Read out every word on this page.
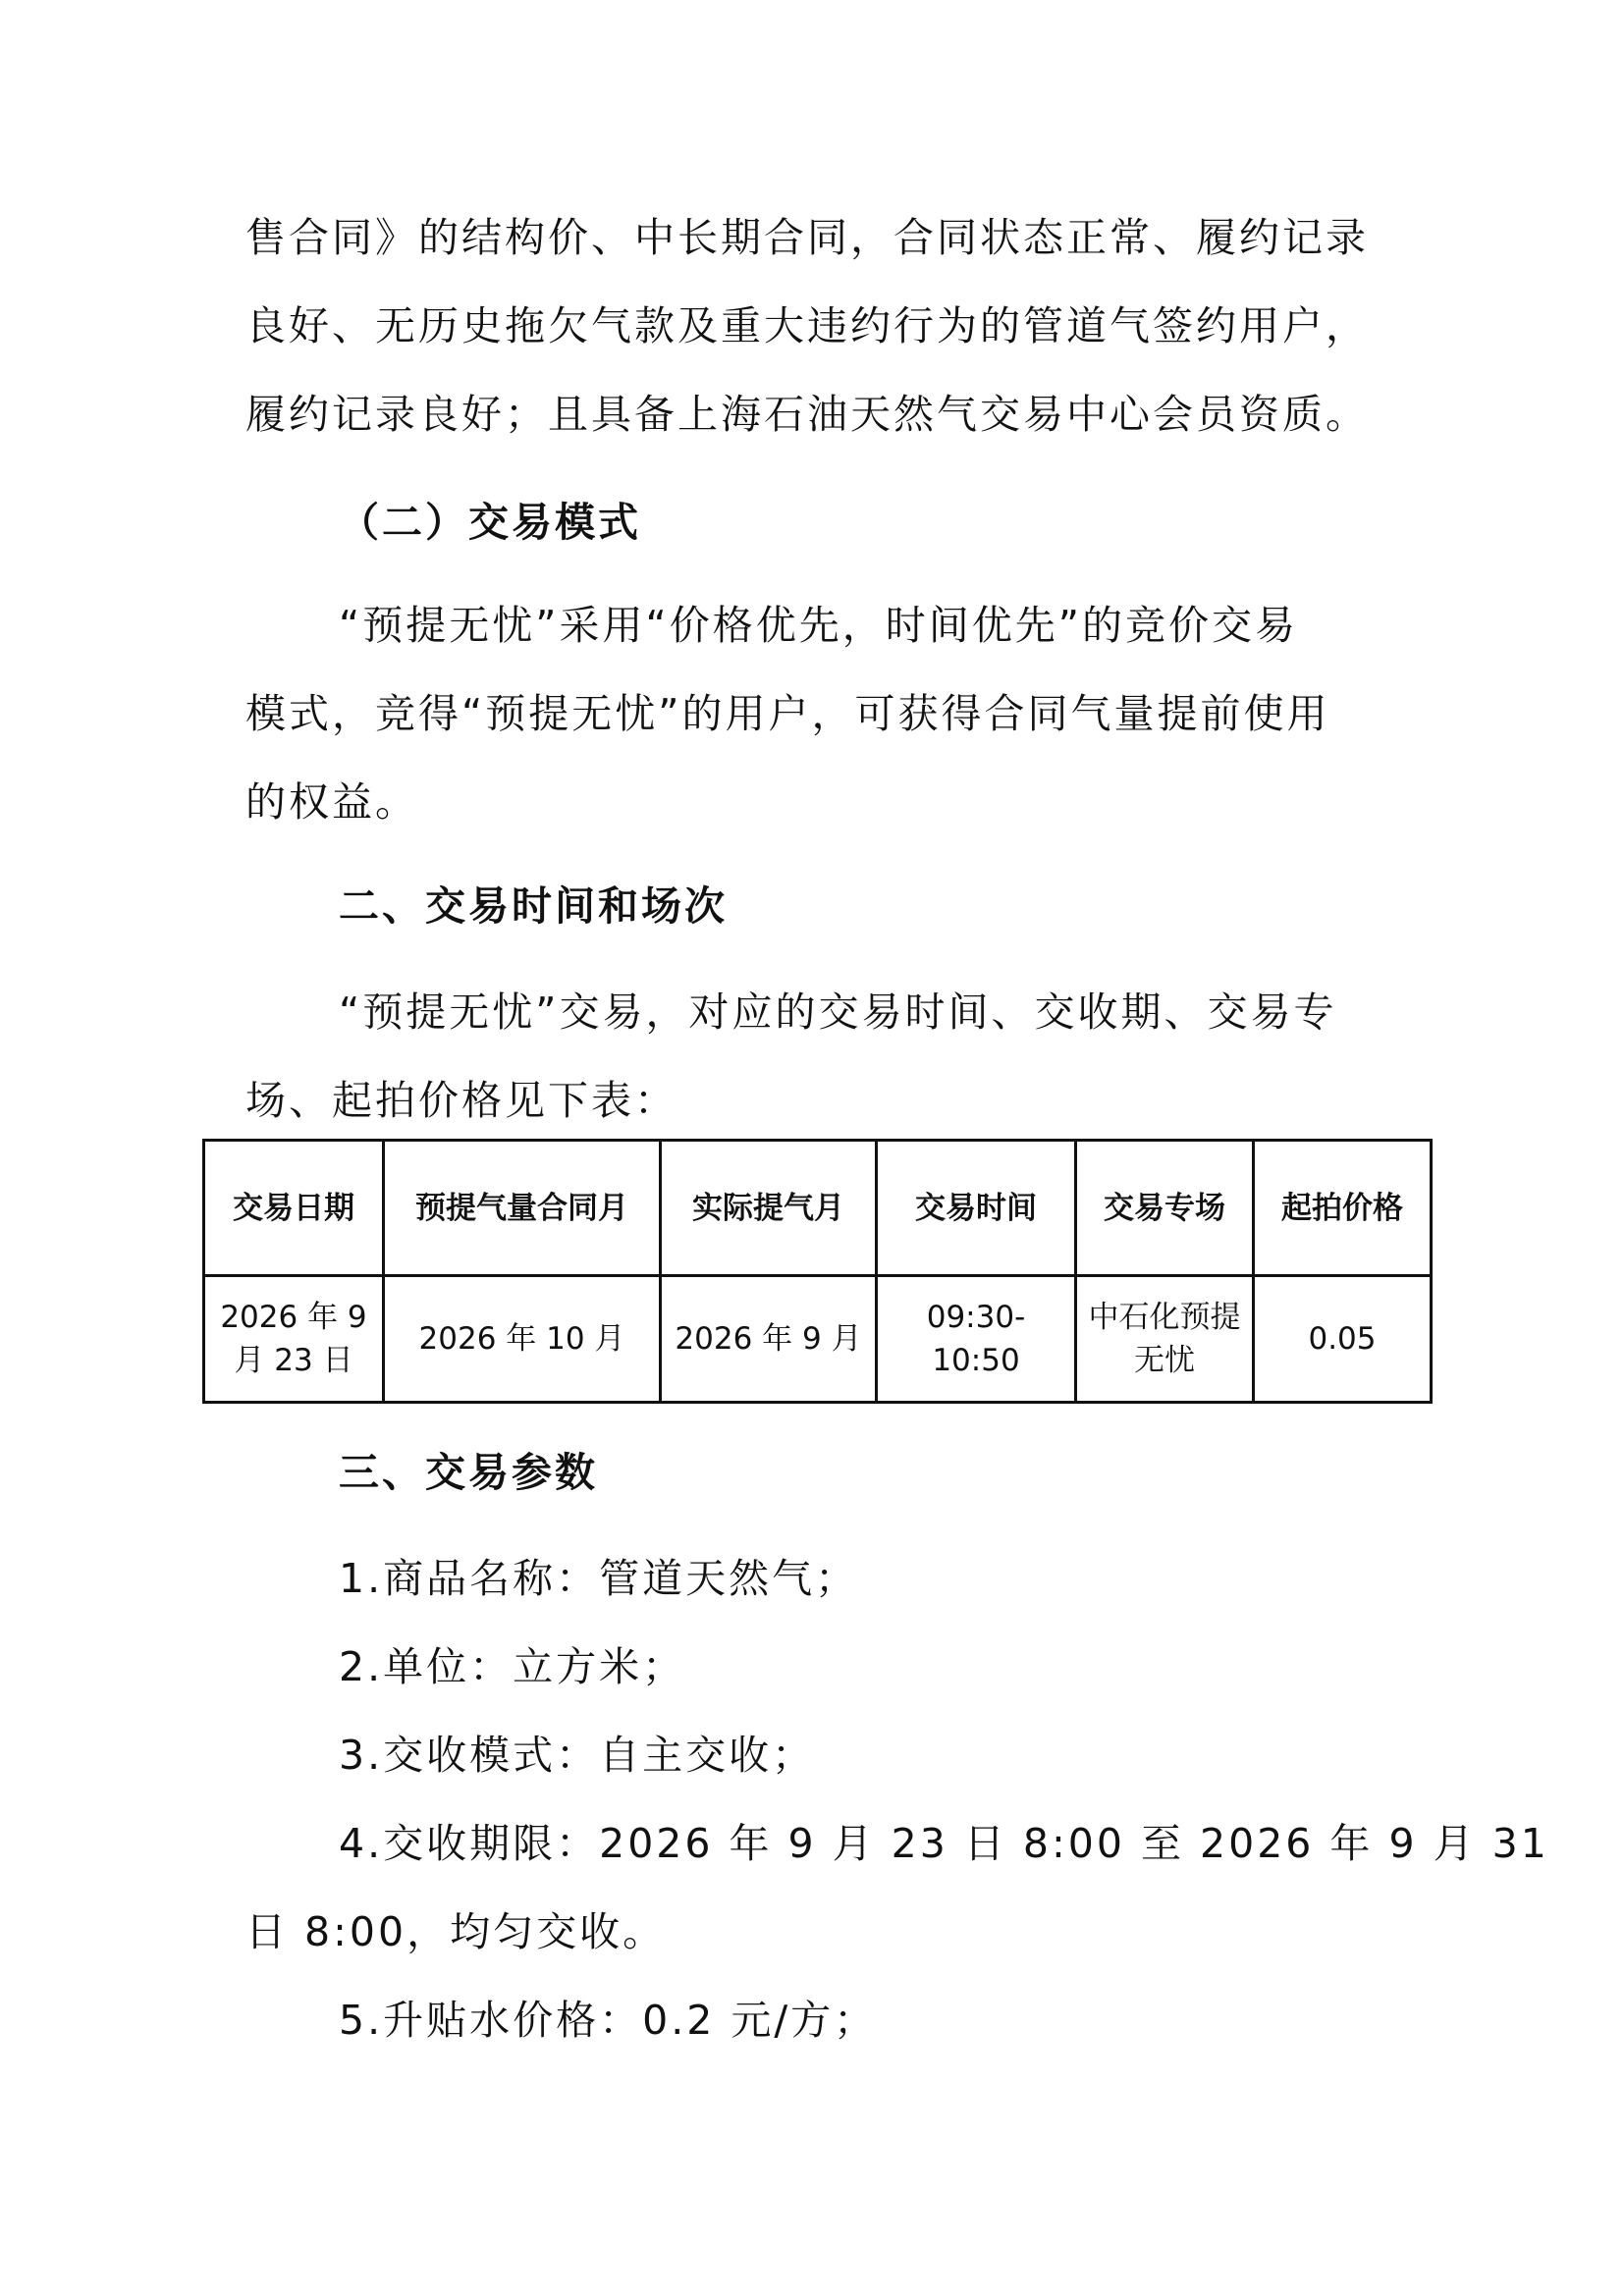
售合同》的结构价、中长期合同，合同状态正常、履约记录
良好、无历史拖欠气款及重大违约行为的管道气签约用户，
履约记录良好；且具备上海石油天然气交易中心会员资质。
（二）交易模式
“预提无忧”采用“价格优先，时间优先”的竞价交易
模式，竞得“预提无忧”的用户，可获得合同气量提前使用
的权益。
二、交易时间和场次
“预提无忧”交易，对应的交易时间、交收期、交易专
场、起拍价格见下表：
交易日期	预提气量合同月	实际提气月	交易时间	交易专场	起拍价格
2026 年 9 月 23 日	2026 年 10 月	2026 年 9 月	09:30-10:50	中石化预提无忧	0.05
三、交易参数
1.商品名称：管道天然气；
2.单位：立方米；
3.交收模式：自主交收；
4.交收期限：2026 年 9 月 23 日 8:00 至 2026 年 9 月 31
日 8:00，均匀交收。
5.升贴水价格：0.2 元/方；
